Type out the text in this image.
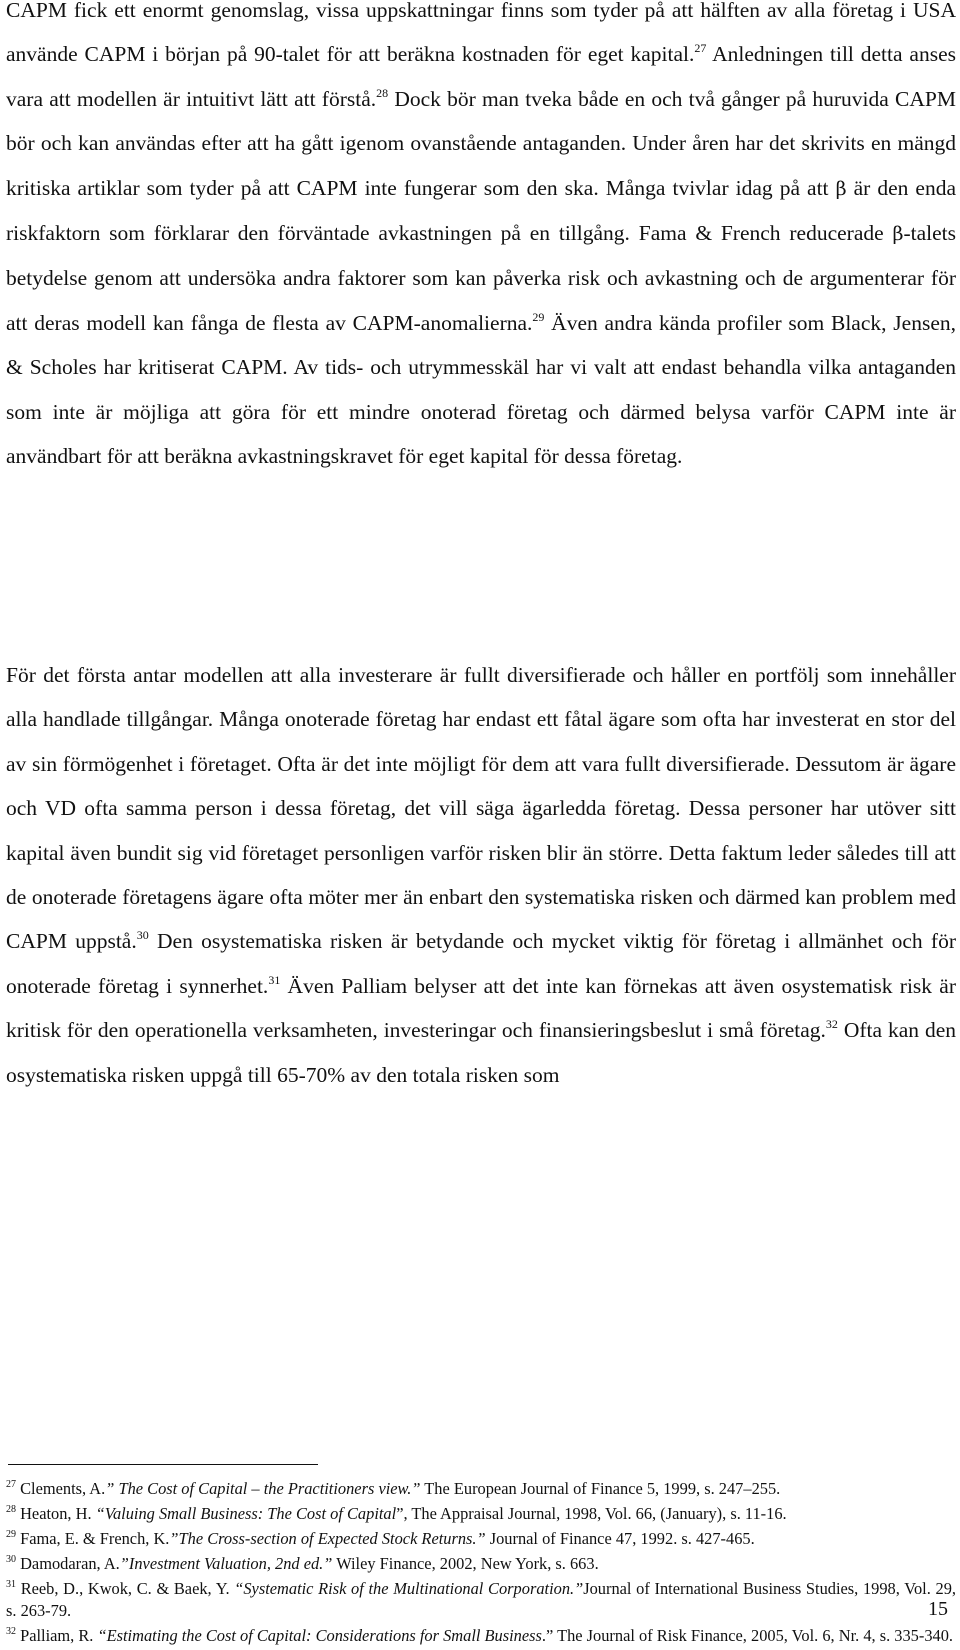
CAPM fick ett enormt genomslag, vissa uppskattningar finns som tyder på att hälften av alla företag i USA använde CAPM i början på 90-talet för att beräkna kostnaden för eget kapital.$^{27}$ Anledningen till detta anses vara att modellen är intuitivt lätt att förstå.$^{28}$ Dock bör man tveka både en och två gånger på huruvida CAPM bör och kan användas efter att ha gått igenom ovanstående antaganden. Under åren har det skrivits en mängd kritiska artiklar som tyder på att CAPM inte fungerar som den ska. Många tvivlar idag på att β är den enda riskfaktorn som förklarar den förväntade avkastningen på en tillgång. Fama & French reducerade β-talets betydelse genom att undersöka andra faktorer som kan påverka risk och avkastning och de argumenterar för att deras modell kan fånga de flesta av CAPM-anomalierna.$^{29}$ Även andra kända profiler som Black, Jensen, & Scholes har kritiserat CAPM. Av tids- och utrymmesskäl har vi valt att endast behandla vilka antaganden som inte är möjliga att göra för ett mindre onoterad företag och därmed belysa varför CAPM inte är användbart för att beräkna avkastningskravet för eget kapital för dessa företag.

För det första antar modellen att alla investerare är fullt diversifierade och håller en portfölj som innehåller alla handlade tillgångar. Många onoterade företag har endast ett fåtal ägare som ofta har investerat en stor del av sin förmögenhet i företaget. Ofta är det inte möjligt för dem att vara fullt diversifierade. Dessutom är ägare och VD ofta samma person i dessa företag, det vill säga ägarledda företag. Dessa personer har utöver sitt kapital även bundit sig vid företaget personligen varför risken blir än större. Detta faktum leder således till att de onoterade företagens ägare ofta möter mer än enbart den systematiska risken och därmed kan problem med CAPM uppstå.$^{30}$ Den osystematiska risken är betydande och mycket viktig för företag i allmänhet och för onoterade företag i synnerhet.$^{31}$ Även Palliam belyser att det inte kan förnekas att även osystematisk risk är kritisk för den operationella verksamheten, investeringar och finansieringsbeslut i små företag.$^{32}$ Ofta kan den osystematiska risken uppgå till 65-70% av den totala risken som

$^{27}$ Clements, A.” The Cost of Capital – the Practitioners view.” The European Journal of Finance 5, 1999, s. 247–255.

$^{28}$ Heaton, H. “Valuing Small Business: The Cost of Capital”, The Appraisal Journal, 1998, Vol. 66, (January), s. 11-16.

$^{29}$ Fama, E. & French, K.”The Cross-section of Expected Stock Returns.” Journal of Finance 47, 1992. s. 427-465.

$^{30}$ Damodaran, A.”Investment Valuation, 2nd ed.” Wiley Finance, 2002, New York, s. 663.

$^{31}$ Reeb, D., Kwok, C. & Baek, Y. “Systematic Risk of the Multinational Corporation.”Journal of International Business Studies, 1998, Vol. 29, s. 263-79.

$^{32}$ Palliam, R. “Estimating the Cost of Capital: Considerations for Small Business.” The Journal of Risk Finance, 2005, Vol. 6, Nr. 4, s. 335-340.

15
